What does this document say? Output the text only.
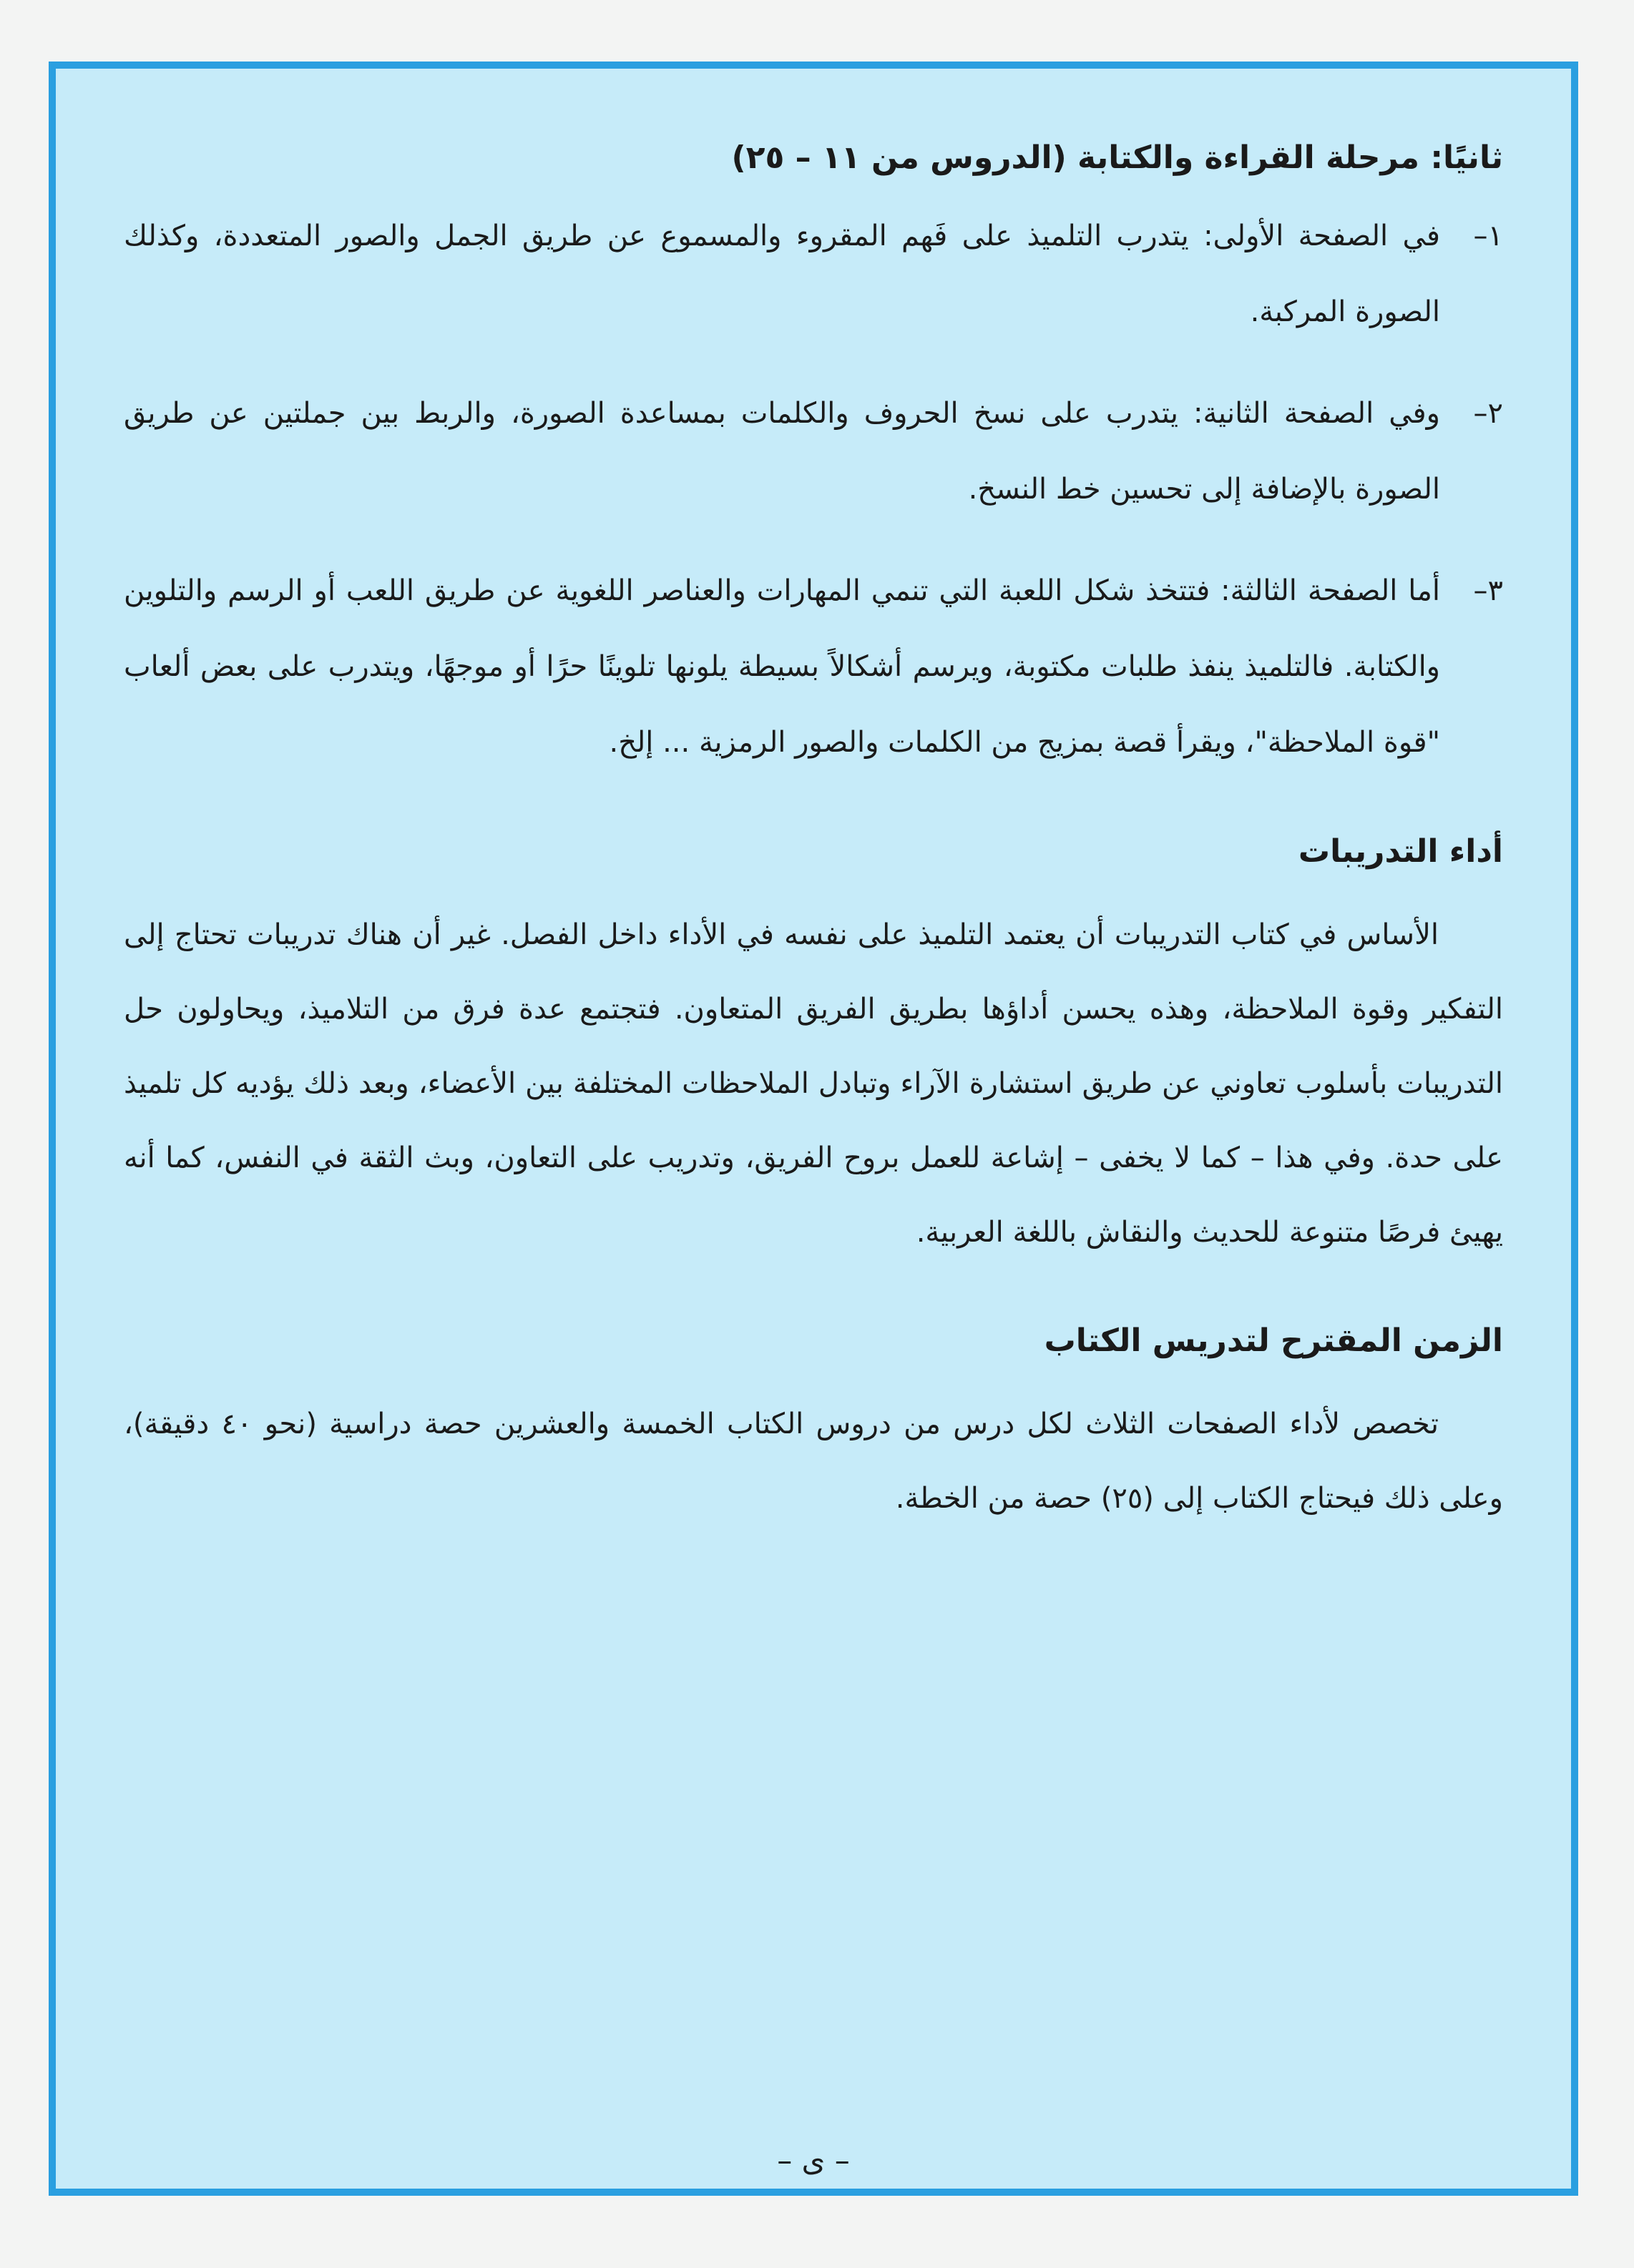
ثانيًا: مرحلة القراءة والكتابة (الدروس من ١١ – ٢٥)
١–
في الصفحة الأولى: يتدرب التلميذ على فَهم المقروء والمسموع عن طريق الجمل والصور المتعددة، وكذلك الصورة المركبة.
٢–
وفي الصفحة الثانية: يتدرب على نسخ الحروف والكلمات بمساعدة الصورة، والربط بين جملتين عن طريق الصورة بالإضافة إلى تحسين خط النسخ.
٣–
أما الصفحة الثالثة: فتتخذ شكل اللعبة التي تنمي المهارات والعناصر اللغوية عن طريق اللعب أو الرسم والتلوين والكتابة. فالتلميذ ينفذ طلبات مكتوبة، ويرسم أشكالاً بسيطة يلونها تلوينًا حرًا أو موجهًا، ويتدرب على بعض ألعاب "قوة الملاحظة"، ويقرأ قصة بمزيج من الكلمات والصور الرمزية ... إلخ.
أداء التدريبات

الأساس في كتاب التدريبات أن يعتمد التلميذ على نفسه في الأداء داخل الفصل. غير أن هناك تدريبات تحتاج إلى التفكير وقوة الملاحظة، وهذه يحسن أداؤها بطريق الفريق المتعاون. فتجتمع عدة فرق من التلاميذ، ويحاولون حل التدريبات بأسلوب تعاوني عن طريق استشارة الآراء وتبادل الملاحظات المختلفة بين الأعضاء، وبعد ذلك يؤديه كل تلميذ على حدة. وفي هذا – كما لا يخفى – إشاعة للعمل بروح الفريق، وتدريب على التعاون، وبث الثقة في النفس، كما أنه يهيئ فرصًا متنوعة للحديث والنقاش باللغة العربية.

الزمن المقترح لتدريس الكتاب

تخصص لأداء الصفحات الثلاث لكل درس من دروس الكتاب الخمسة والعشرين حصة دراسية (نحو ٤٠ دقيقة)، وعلى ذلك فيحتاج الكتاب إلى (٢٥) حصة من الخطة.

– ى –
